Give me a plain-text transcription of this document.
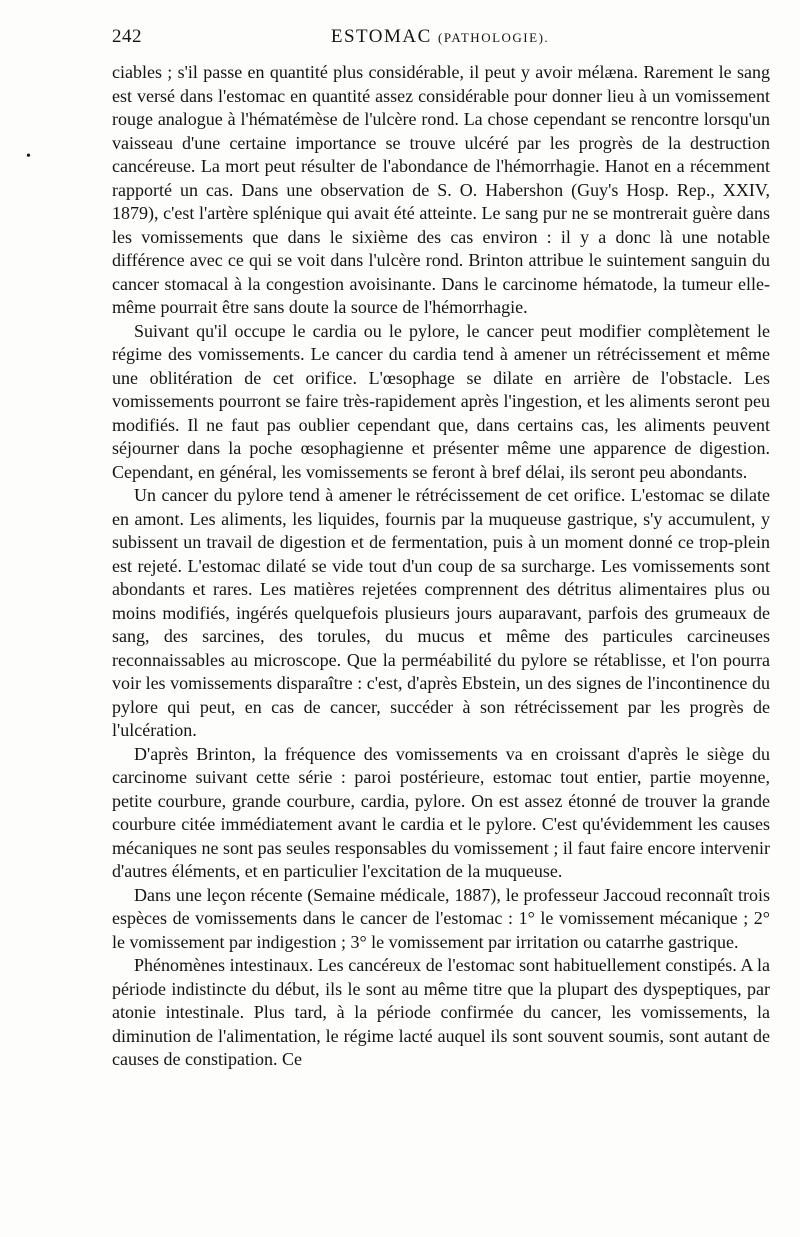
242	ESTOMAC (PATHOLOGIE).
•

ciables ; s'il passe en quantité plus considérable, il peut y avoir mélæna. Rarement le sang est versé dans l'estomac en quantité assez considérable pour donner lieu à un vomissement rouge analogue à l'hématémèse de l'ulcère rond. La chose cependant se rencontre lorsqu'un vaisseau d'une certaine importance se trouve ulcéré par les progrès de la destruction cancéreuse. La mort peut résulter de l'abondance de l'hémorrhagie. Hanot en a récemment rapporté un cas. Dans une observation de S. O. Habershon (Guy's Hosp. Rep., XXIV, 1879), c'est l'artère splénique qui avait été atteinte. Le sang pur ne se montrerait guère dans les vomissements que dans le sixième des cas environ : il y a donc là une notable différence avec ce qui se voit dans l'ulcère rond. Brinton attribue le suintement sanguin du cancer stomacal à la congestion avoisinante. Dans le carcinome hématode, la tumeur elle-même pourrait être sans doute la source de l'hémorrhagie.

Suivant qu'il occupe le cardia ou le pylore, le cancer peut modifier complètement le régime des vomissements. Le cancer du cardia tend à amener un rétrécissement et même une oblitération de cet orifice. L'œsophage se dilate en arrière de l'obstacle. Les vomissements pourront se faire très-rapidement après l'ingestion, et les aliments seront peu modifiés. Il ne faut pas oublier cependant que, dans certains cas, les aliments peuvent séjourner dans la poche œsophagienne et présenter même une apparence de digestion. Cependant, en général, les vomissements se feront à bref délai, ils seront peu abondants.

Un cancer du pylore tend à amener le rétrécissement de cet orifice. L'estomac se dilate en amont. Les aliments, les liquides, fournis par la muqueuse gastrique, s'y accumulent, y subissent un travail de digestion et de fermentation, puis à un moment donné ce trop-plein est rejeté. L'estomac dilaté se vide tout d'un coup de sa surcharge. Les vomissements sont abondants et rares. Les matières rejetées comprennent des détritus alimentaires plus ou moins modifiés, ingérés quelquefois plusieurs jours auparavant, parfois des grumeaux de sang, des sarcines, des torules, du mucus et même des particules carcineuses reconnaissables au microscope. Que la perméabilité du pylore se rétablisse, et l'on pourra voir les vomissements disparaître : c'est, d'après Ebstein, un des signes de l'incontinence du pylore qui peut, en cas de cancer, succéder à son rétrécissement par les progrès de l'ulcération.

D'après Brinton, la fréquence des vomissements va en croissant d'après le siège du carcinome suivant cette série : paroi postérieure, estomac tout entier, partie moyenne, petite courbure, grande courbure, cardia, pylore. On est assez étonné de trouver la grande courbure citée immédiatement avant le cardia et le pylore. C'est qu'évidemment les causes mécaniques ne sont pas seules responsables du vomissement ; il faut faire encore intervenir d'autres éléments, et en particulier l'excitation de la muqueuse.

Dans une leçon récente (Semaine médicale, 1887), le professeur Jaccoud reconnaît trois espèces de vomissements dans le cancer de l'estomac : 1° le vomissement mécanique ; 2° le vomissement par indigestion ; 3° le vomissement par irritation ou catarrhe gastrique.

Phénomènes intestinaux. Les cancéreux de l'estomac sont habituellement constipés. A la période indistincte du début, ils le sont au même titre que la plupart des dyspeptiques, par atonie intestinale. Plus tard, à la période confirmée du cancer, les vomissements, la diminution de l'alimentation, le régime lacté auquel ils sont souvent soumis, sont autant de causes de constipation. Ce
